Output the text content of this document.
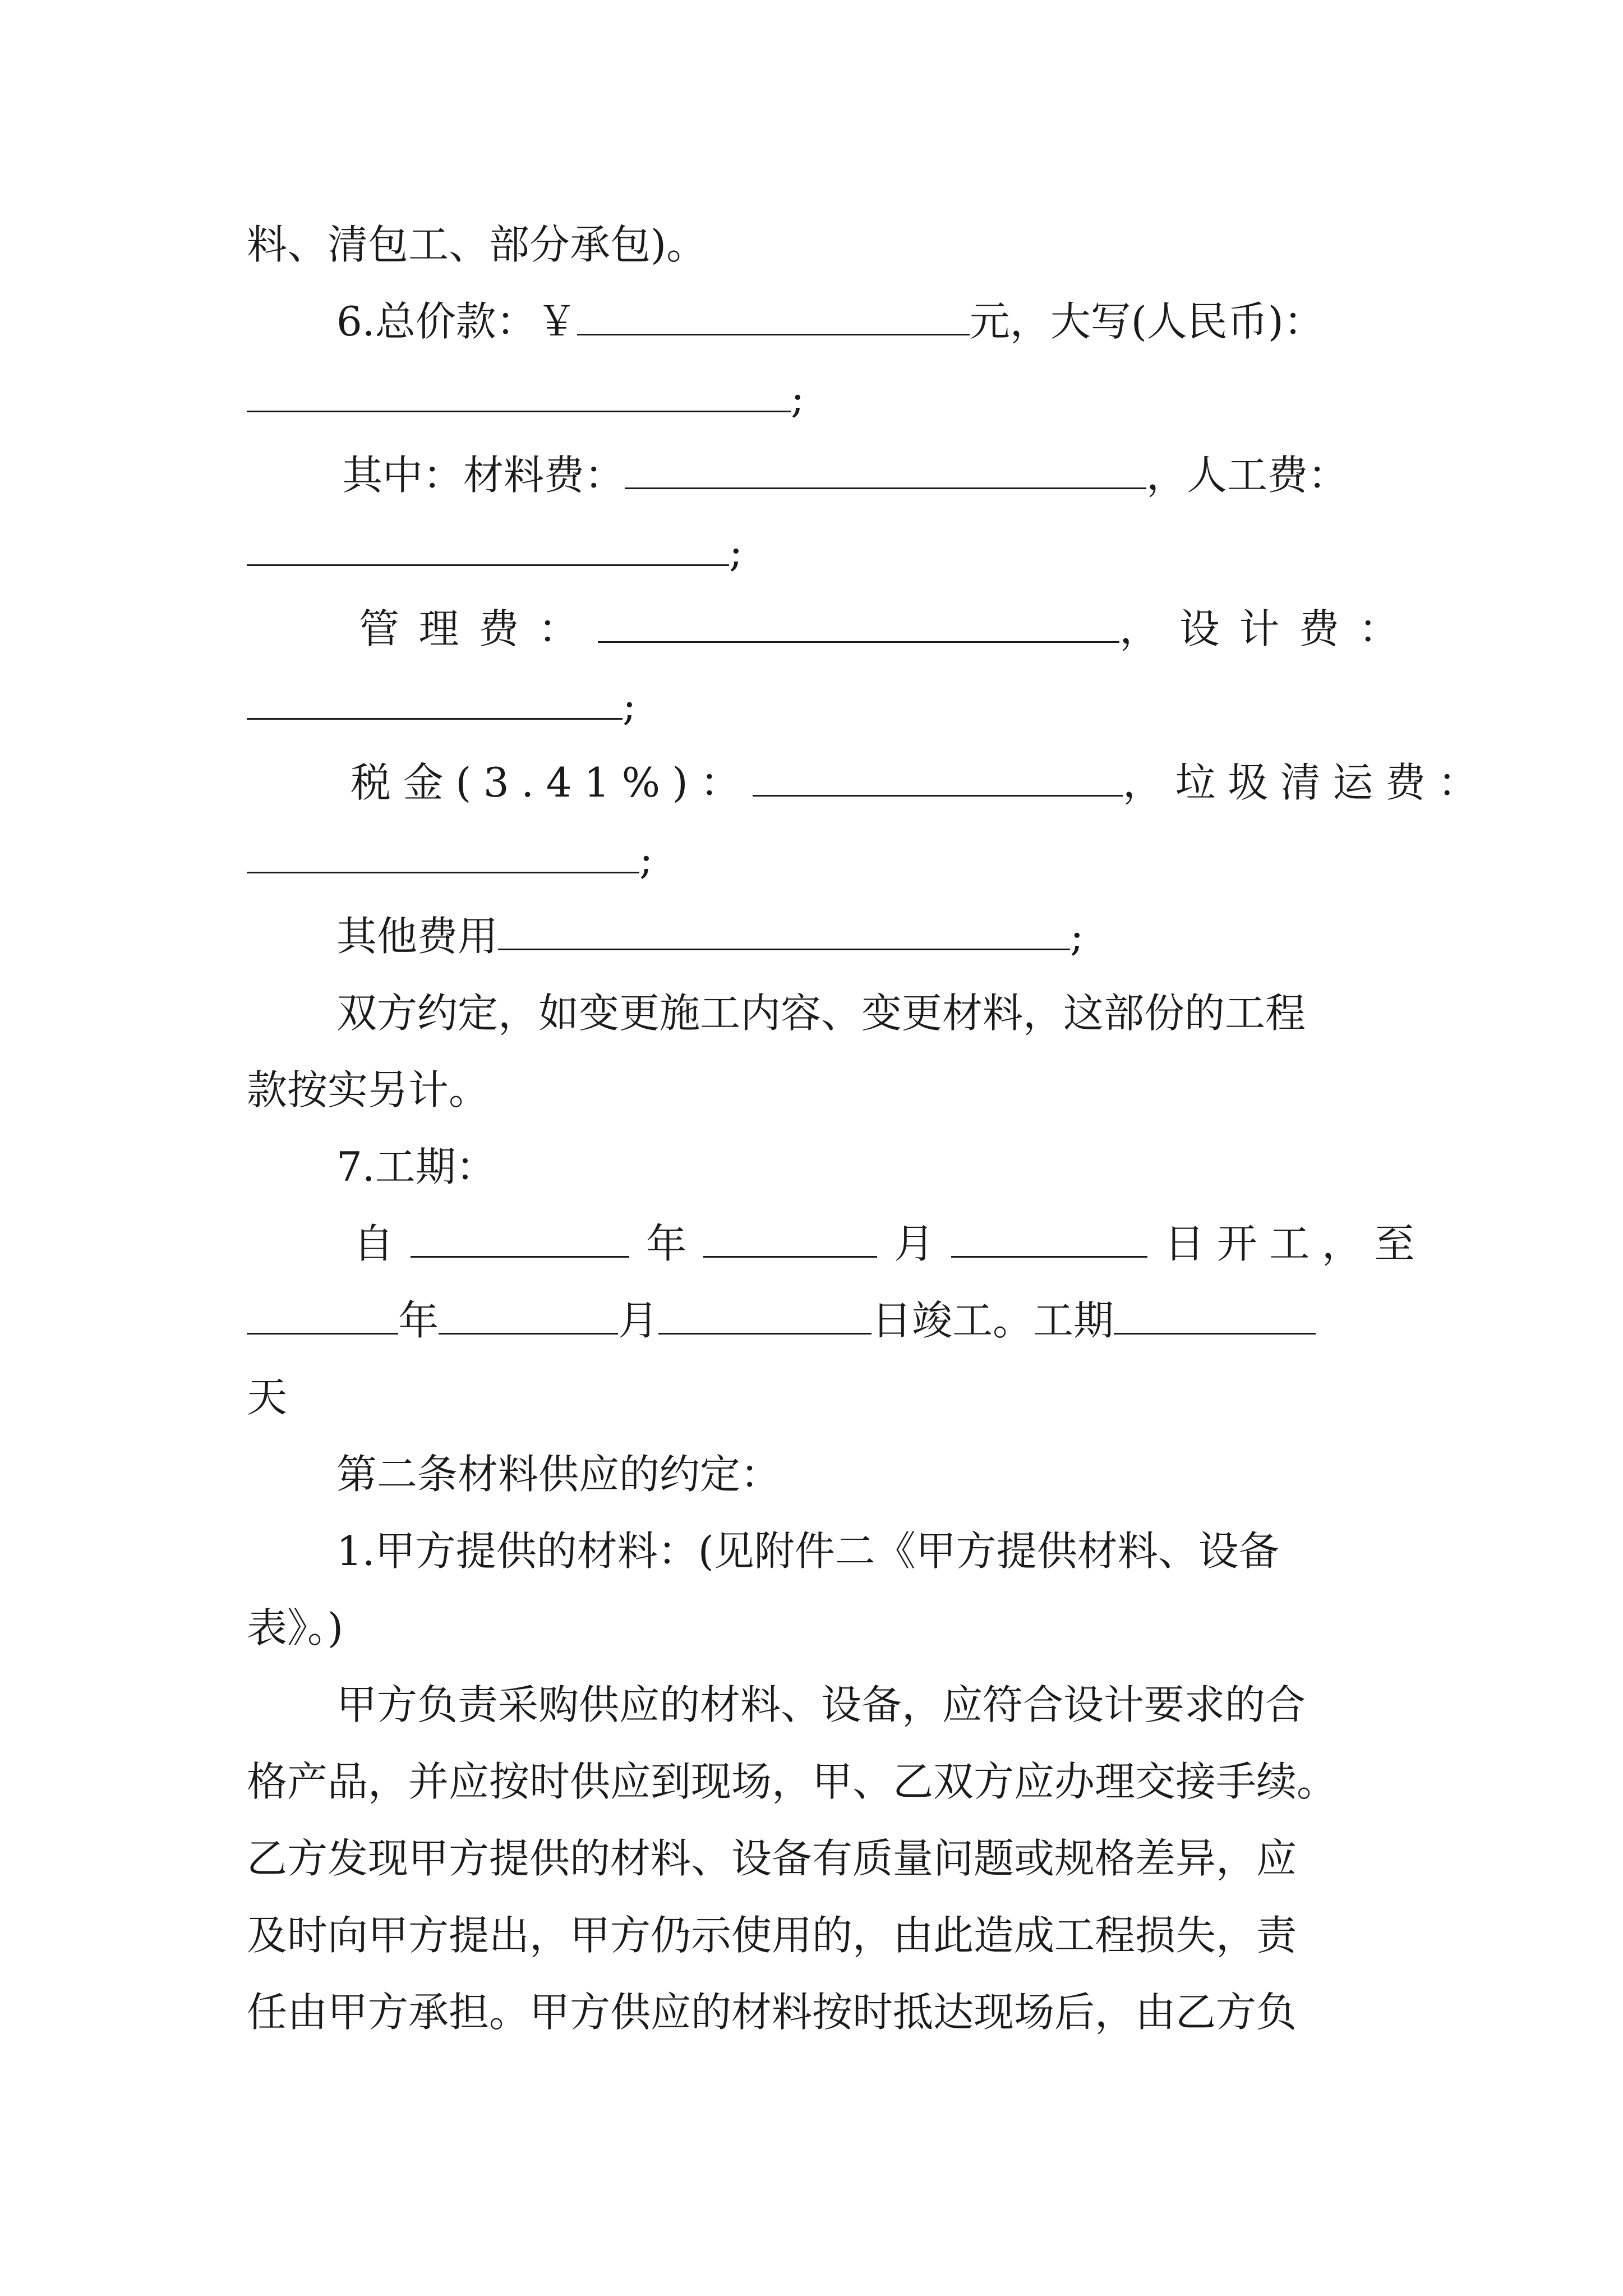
料、清包工、部分承包)。
6.总价款：￥	元，大写(人民币)：
;
其中：材料费：	，人工费：
;
管理费：	，设计费：
;
税金(3.41%)：	，垃圾清运费：
;
其他费用	;
双方约定，如变更施工内容、变更材料，这部份的工程
款按实另计。
7.工期：
自	年	月	日开工，至
年	月	日竣工。工期
天
第二条材料供应的约定：
1.甲方提供的材料：(见附件二《甲方提供材料、设备
表》。)
甲方负责采购供应的材料、设备，应符合设计要求的合
格产品，并应按时供应到现场，甲、乙双方应办理交接手续。
乙方发现甲方提供的材料、设备有质量问题或规格差异，应
及时向甲方提出，甲方仍示使用的，由此造成工程损失，责
任由甲方承担。甲方供应的材料按时抵达现场后，由乙方负
